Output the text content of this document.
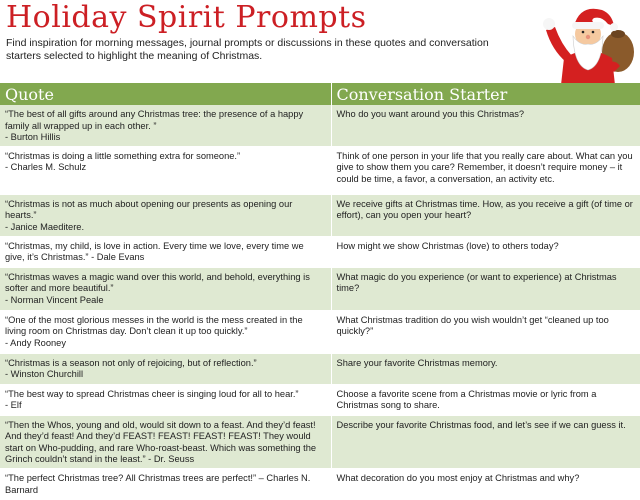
Holiday Spirit Prompts
Find inspiration for morning messages, journal prompts or discussions in these quotes and conversation starters selected to highlight the meaning of Christmas.
Quote	Conversation Starter
“The best of all gifts around any Christmas tree: the presence of a happy family all wrapped up in each other. ”
- Burton Hillis	Who do you want around you this Christmas?
“Christmas is doing a little something extra for someone.”
- Charles M. Schulz	Think of one person in your life that you really care about. What can you give to show them you care? Remember, it doesn’t require money – it could be time, a favor, a conversation, an activity etc.
“Christmas is not as much about opening our presents as opening our hearts.”
- Janice Maeditere.	We receive gifts at Christmas time. How, as you receive a gift (of time or effort), can you open your heart?
“Christmas, my child, is love in action. Every time we love, every time we give, it’s Christmas.” - Dale Evans	How might we show Christmas (love) to others today?
“Christmas waves a magic wand over this world, and behold, everything is softer and more beautiful.”
- Norman Vincent Peale	What magic do you experience (or want to experience) at Christmas time?
“One of the most glorious messes in the world is the mess created in the living room on Christmas day. Don’t clean it up too quickly.”
- Andy Rooney	What Christmas tradition do you wish wouldn’t get “cleaned up too quickly?”
“Christmas is a season not only of rejoicing, but of reflection.”
- Winston Churchill	Share your favorite Christmas memory.
“The best way to spread Christmas cheer is singing loud for all to hear.”
- Elf	Choose a favorite scene from a Christmas movie or lyric from a Christmas song to share.
“Then the Whos, young and old, would sit down to a feast. And they’d feast! And they’d feast! And they’d FEAST! FEAST! FEAST! FEAST! They would start on Who-pudding, and rare Who-roast-beast. Which was something the Grinch couldn’t stand in the least.” - Dr. Seuss	Describe your favorite Christmas food, and let’s see if we can guess it.
“The perfect Christmas tree? All Christmas trees are perfect!” – Charles N. Barnard	What decoration do you most enjoy at Christmas and why?
